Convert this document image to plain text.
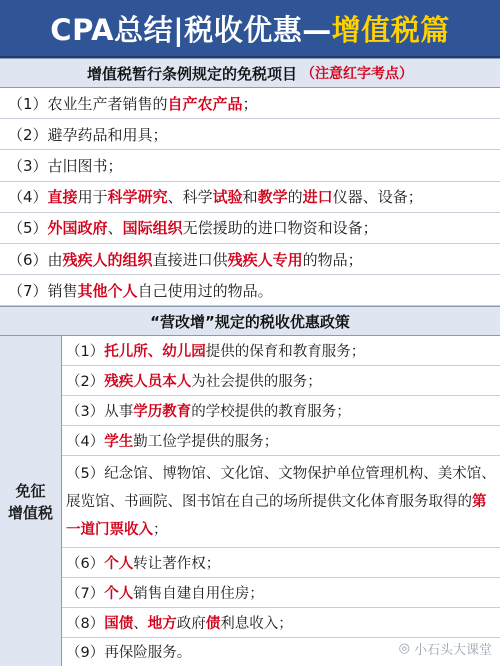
CPA总结|税收优惠— 增值税篇
增值税暂行条例规定的免税项目 （注意红字考点）
（1）农业生产者销售的 自产农产品 ；
（2）避孕药品和用具；
（3）古旧图书；
（4） 直接 用于 科学研究 、科学 试验 和 教学 的 进口 仪器、设备；
（5） 外国政府 、 国际组织 无偿援助的进口物资和设备；
（6）由 残疾人的组织 直接进口供 残疾人专用 的物品；
（7）销售 其他个人 自己使用过的物品。
“营改增”规定的税收优惠政策
免征
增值税
（1） 托儿所、幼儿园 提供的保育和教育服务；
（2） 残疾人员本人 为社会提供的服务；
（3）从事 学历教育 的学校提供的教育服务；
（4） 学生 勤工俭学提供的服务；
（5）纪念馆、博物馆、文化馆、文物保护单位管理机构、美术馆、展览馆、书画院、图书馆在自己的场所提供文化体育服务取得的第一道门票收入；
（6） 个人 转让著作权；
（7） 个人 销售自建自用住房；
（8） 国债 、 地方 政府 债 利息收入；
（9）再保险服务。	◎ 小石头大课堂
